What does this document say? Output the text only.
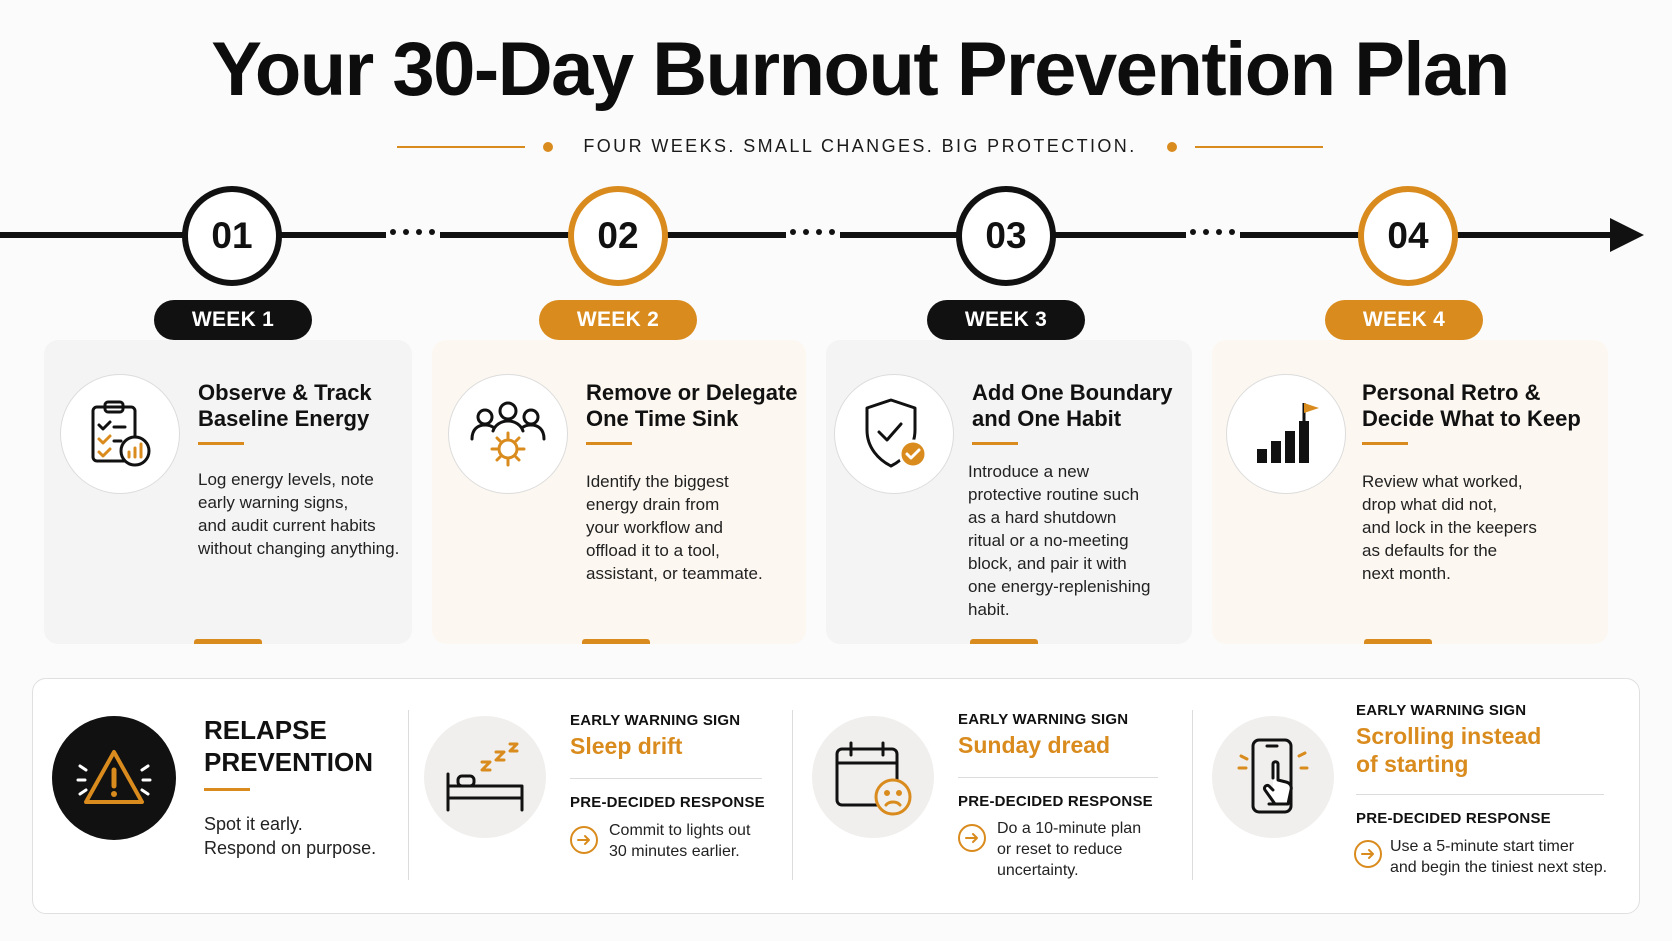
Your 30-Day Burnout Prevention Plan
FOUR WEEKS. SMALL CHANGES. BIG PROTECTION.
01	02	03	04
WEEK 1	WEEK 2	WEEK 3	WEEK 4
Observe & Track
Baseline Energy
Log energy levels, note
early warning signs,
and audit current habits
without changing anything.
Remove or Delegate
One Time Sink
Identify the biggest
energy drain from
your workflow and
offload it to a tool,
assistant, or teammate.
Add One Boundary
and One Habit
Introduce a new
protective routine such
as a hard shutdown
ritual or a no-meeting
block, and pair it with
one energy-replenishing
habit.
Personal Retro &
Decide What to Keep
Review what worked,
drop what did not,
and lock in the keepers
as defaults for the
next month.
RELAPSE
PREVENTION
Spot it early.
Respond on purpose.
EARLY WARNING SIGN
Sleep drift
PRE-DECIDED RESPONSE
Commit to lights out
30 minutes earlier.
EARLY WARNING SIGN
Sunday dread
PRE-DECIDED RESPONSE
Do a 10-minute plan
or reset to reduce
uncertainty.
EARLY WARNING SIGN
Scrolling instead
of starting
PRE-DECIDED RESPONSE
Use a 5-minute start timer
and begin the tiniest next step.
